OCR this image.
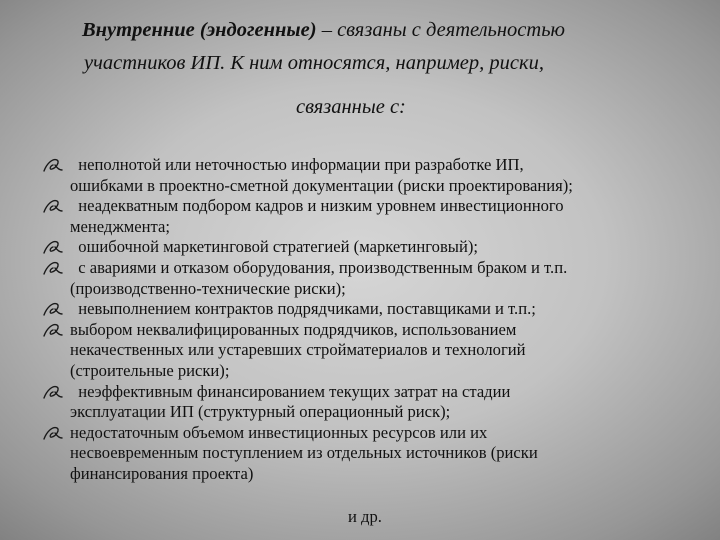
Внутренние (эндогенные) – связаны с деятельностью
участников ИП. К ним относятся, например, риски,
связанные с:
неполнотой или неточностью информации при разработке ИП,
ошибками в проектно-сметной документации (риски проектирования);
неадекватным подбором кадров и низким уровнем инвестиционного
менеджмента;
ошибочной маркетинговой стратегией (маркетинговый);
с авариями и отказом оборудования, производственным браком и т.п.
(производственно-технические риски);
невыполнением контрактов подрядчиками, поставщиками и т.п.;
выбором неквалифицированных подрядчиков, использованием
некачественных или устаревших стройматериалов и технологий
(строительные риски);
неэффективным финансированием текущих затрат на стадии
эксплуатации ИП (структурный операционный риск);
недостаточным объемом инвестиционных ресурсов или их
несвоевременным поступлением из отдельных источников (риски
финансирования проекта)
и др.
